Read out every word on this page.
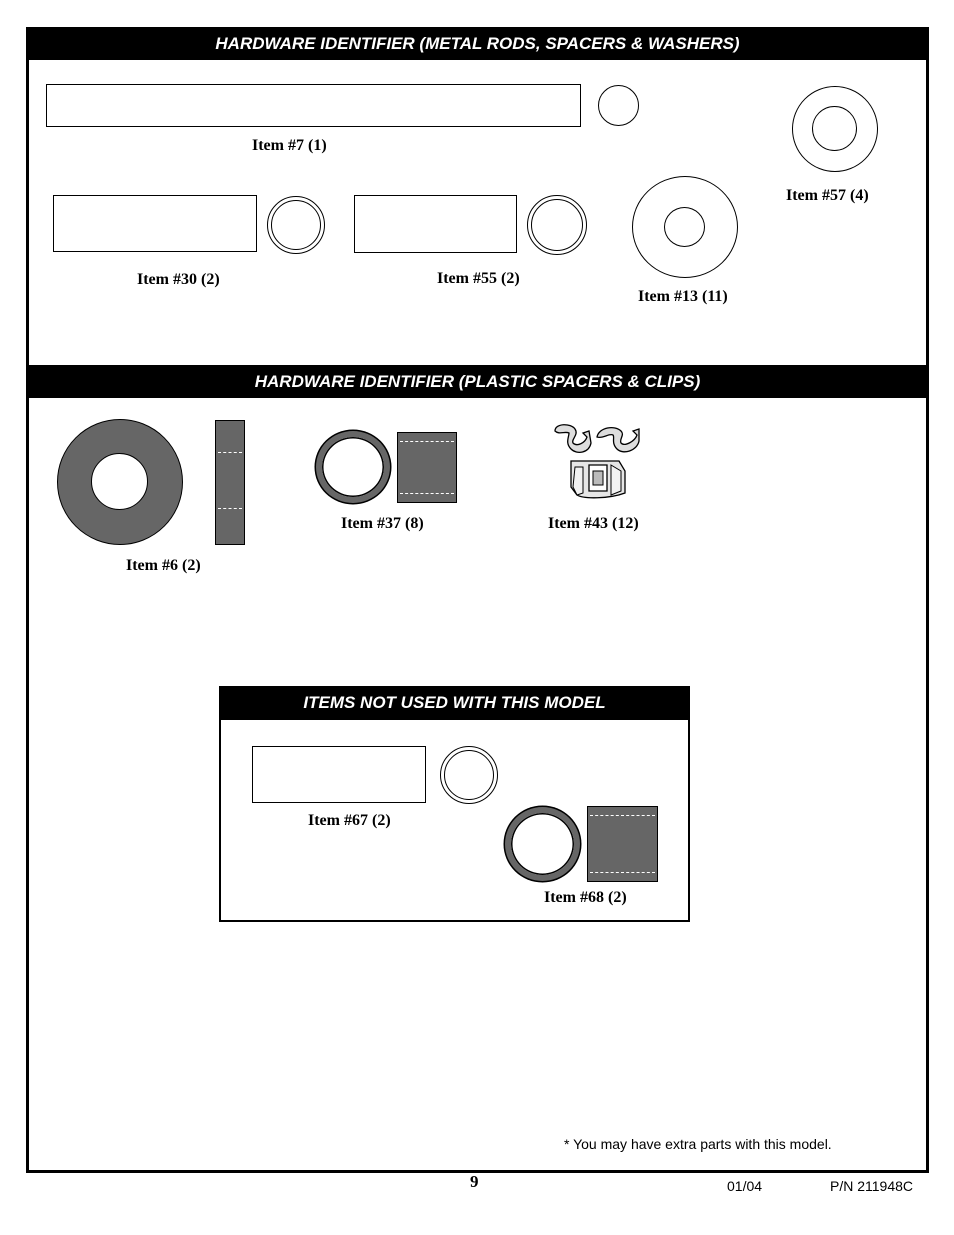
HARDWARE IDENTIFIER (METAL RODS, SPACERS & WASHERS)
Item #7 (1)
Item #57 (4)
Item #30 (2)	Item #55 (2)
Item #13 (11)
HARDWARE IDENTIFIER (PLASTIC SPACERS & CLIPS)
Item #6 (2)
Item #37 (8)	Item #43 (12)
ITEMS NOT USED WITH THIS MODEL
Item #67 (2)
Item #68 (2)
* You may have extra parts with this model.
9	01/04	P/N 211948C
